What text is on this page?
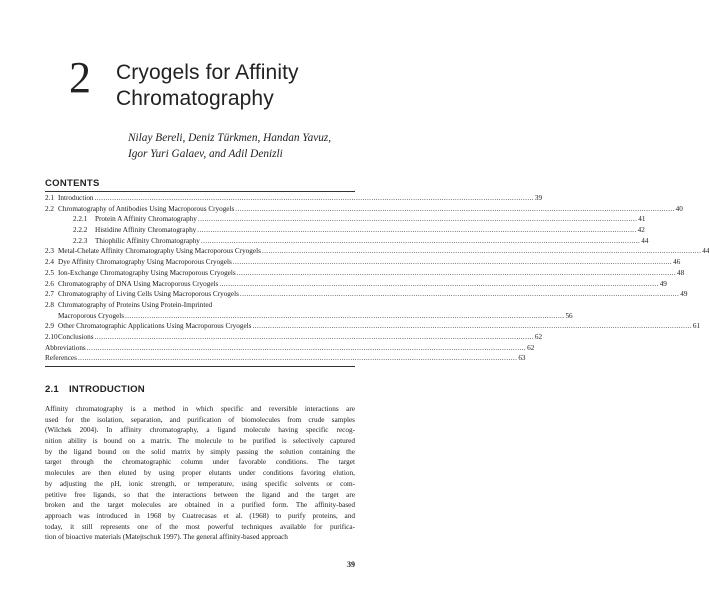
2 Cryogels for Affinity
Chromatography
Nilay Bereli, Deniz Türkmen, Handan Yavuz,
Igor Yuri Galaev, and Adil Denizli
CONTENTS
2.1 Introduction ........................................................................................................................................................................................................ 39
2.2 Chromatography of Antibodies Using Macroporous Cryogels ........................................................................................................................................................................................................ 40
2.2.1 Protein A Affinity Chromatography ........................................................................................................................................................................................................ 41
2.2.2 Histidine Affinity Chromatography ........................................................................................................................................................................................................ 42
2.2.3 Thiophilic Affinity Chromatography ........................................................................................................................................................................................................ 44
2.3 Metal-Chelate Affinity Chromatography Using Macroporous Cryogels ........................................................................................................................................................................................................ 44
2.4 Dye Affinity Chromatography Using Macroporous Cryogels ........................................................................................................................................................................................................ 46
2.5 Ion-Exchange Chromatography Using Macroporous Cryogels ........................................................................................................................................................................................................ 48
2.6 Chromatography of DNA Using Macroporous Cryogels ........................................................................................................................................................................................................ 49
2.7 Chromatography of Living Cells Using Macroporous Cryogels ........................................................................................................................................................................................................ 49
2.8 Chromatography of Proteins Using Protein-Imprinted
Macroporous Cryogels ........................................................................................................................................................................................................ 56
2.9 Other Chromatographic Applications Using Macroporous Cryogels ........................................................................................................................................................................................................ 61
2.10 Conclusions ........................................................................................................................................................................................................ 62
Abbreviations ........................................................................................................................................................................................................ 62
References ........................................................................................................................................................................................................ 63
2.1 INTRODUCTION
Affinity chromatography is a method in which specific and reversible interactions are
used for the isolation, separation, and purification of biomolecules from crude samples
(Wilchek 2004). In affinity chromatography, a ligand molecule having specific recog-
nition ability is bound on a matrix. The molecule to be purified is selectively captured
by the ligand bound on the solid matrix by simply passing the solution containing the
target through the chromatographic column under favorable conditions. The target
molecules are then eluted by using proper elutants under conditions favoring elution,
by adjusting the pH, ionic strength, or temperature, using specific solvents or com-
petitive free ligands, so that the interactions between the ligand and the target are
broken and the target molecules are obtained in a purified form. The affinity-based
approach was introduced in 1968 by Cuatrecasas et al. (1968) to purify proteins, and
today, it still represents one of the most powerful techniques available for purifica-
tion of bioactive materials (Matejtschuk 1997). The general affinity-based approach
39
